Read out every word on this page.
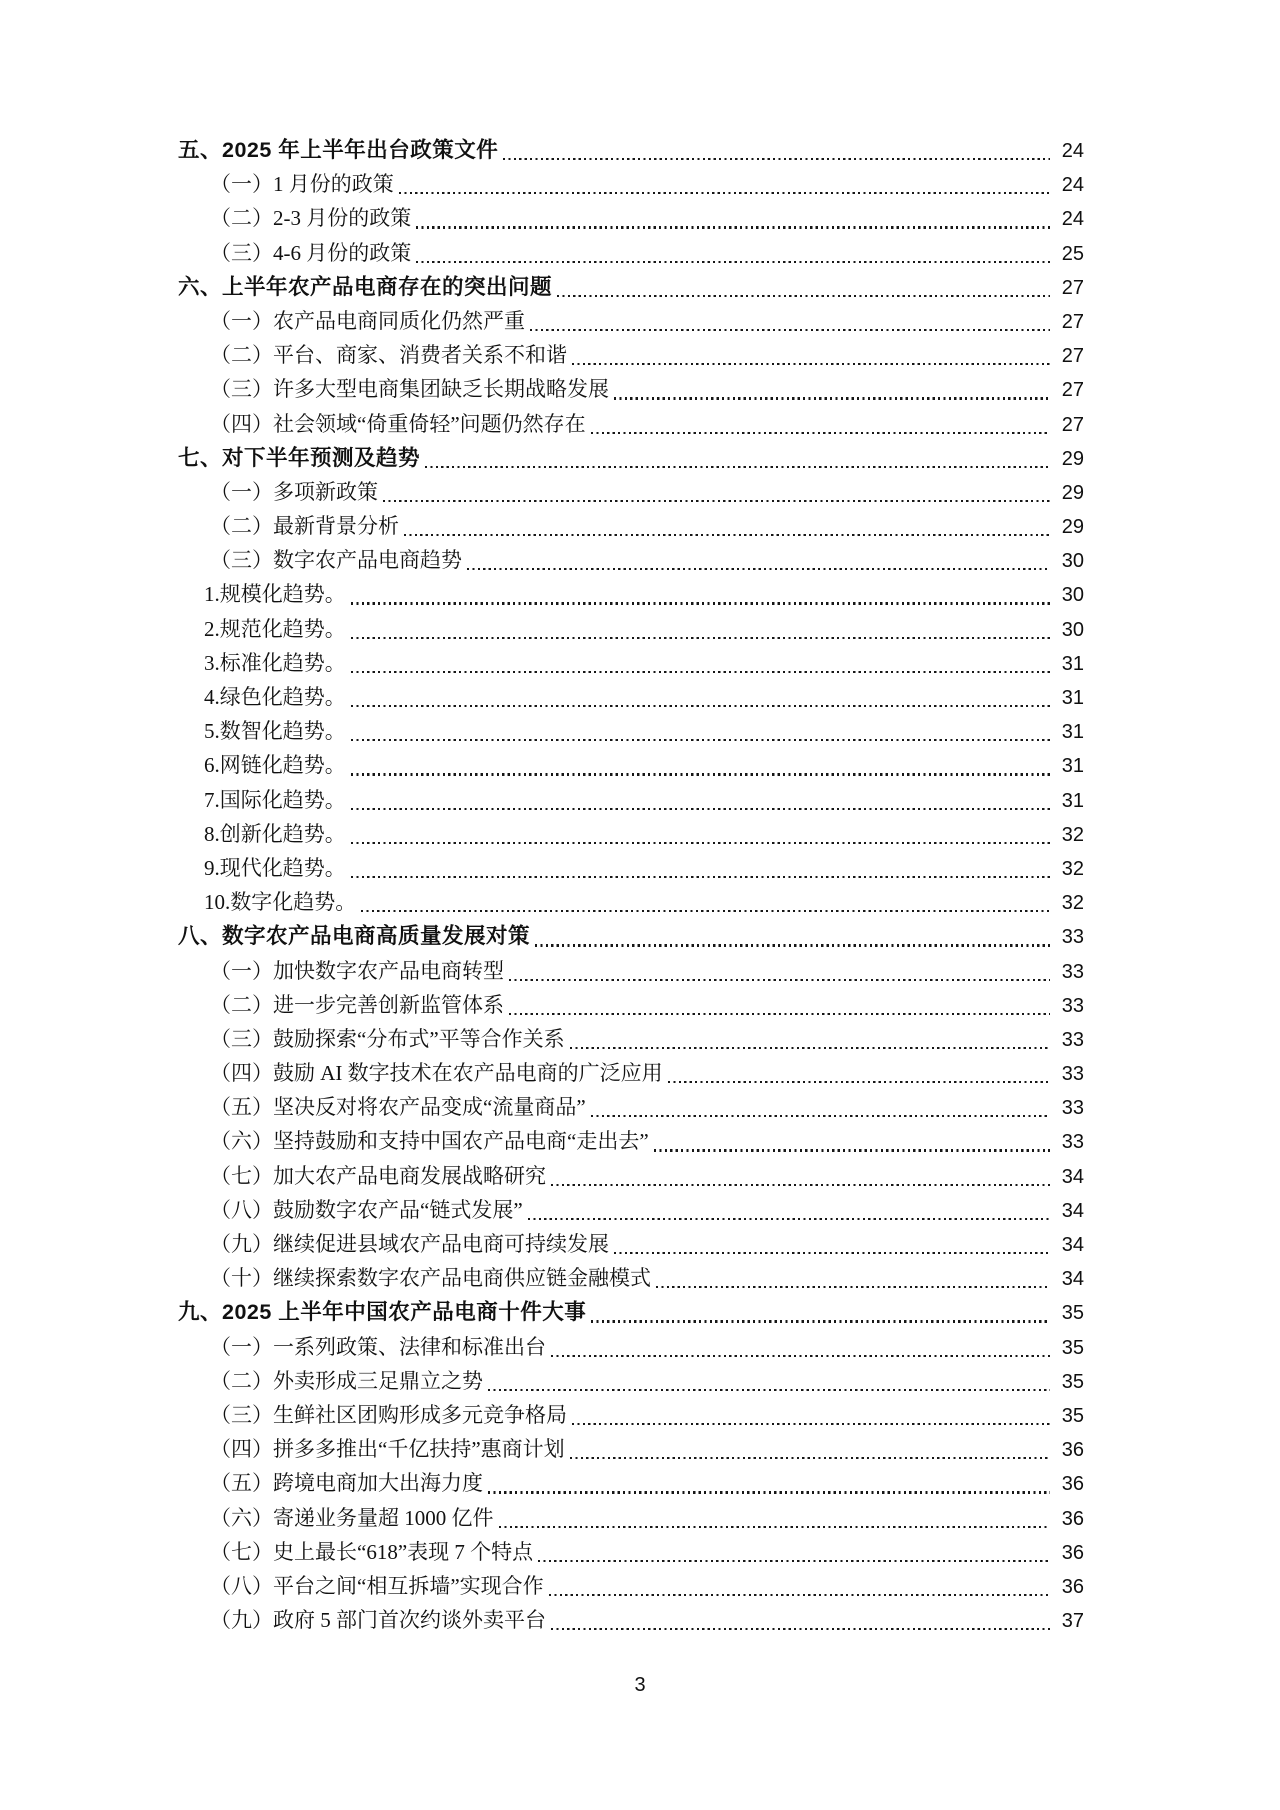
五、2025 年上半年出台政策文件	24
（一）1 月份的政策	24
（二）2-3 月份的政策	24
（三）4-6 月份的政策	25
六、上半年农产品电商存在的突出问题	27
（一）农产品电商同质化仍然严重	27
（二）平台、商家、消费者关系不和谐	27
（三）许多大型电商集团缺乏长期战略发展	27
（四）社会领域“倚重倚轻”问题仍然存在	27
七、对下半年预测及趋势	29
（一）多项新政策	29
（二）最新背景分析	29
（三）数字农产品电商趋势	30
1.规模化趋势。	30
2.规范化趋势。	30
3.标准化趋势。	31
4.绿色化趋势。	31
5.数智化趋势。	31
6.网链化趋势。	31
7.国际化趋势。	31
8.创新化趋势。	32
9.现代化趋势。	32
10.数字化趋势。	32
八、数字农产品电商高质量发展对策	33
（一）加快数字农产品电商转型	33
（二）进一步完善创新监管体系	33
（三）鼓励探索“分布式”平等合作关系	33
（四）鼓励 AI 数字技术在农产品电商的广泛应用	33
（五）坚决反对将农产品变成“流量商品”	33
（六）坚持鼓励和支持中国农产品电商“走出去”	33
（七）加大农产品电商发展战略研究	34
（八）鼓励数字农产品“链式发展”	34
（九）继续促进县域农产品电商可持续发展	34
（十）继续探索数字农产品电商供应链金融模式	34
九、2025 上半年中国农产品电商十件大事	35
（一）一系列政策、法律和标准出台	35
（二）外卖形成三足鼎立之势	35
（三）生鲜社区团购形成多元竞争格局	35
（四）拼多多推出“千亿扶持”惠商计划	36
（五）跨境电商加大出海力度	36
（六）寄递业务量超 1000 亿件	36
（七）史上最长“618”表现 7 个特点	36
（八）平台之间“相互拆墙”实现合作	36
（九）政府 5 部门首次约谈外卖平台	37
3
